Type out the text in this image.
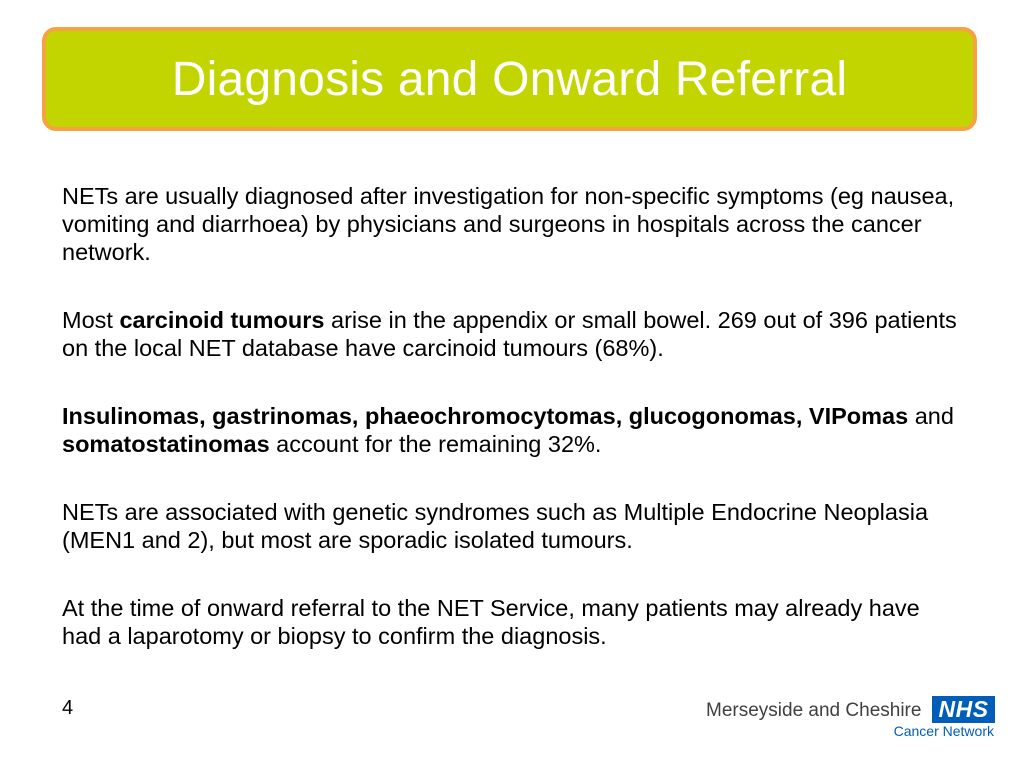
Diagnosis and Onward Referral

NETs are usually diagnosed after investigation for non-specific symptoms (eg nausea, vomiting and diarrhoea) by physicians and surgeons in hospitals across the cancer network.

Most carcinoid tumours arise in the appendix or small bowel. 269 out of 396 patients on the local NET database have carcinoid tumours (68%).

Insulinomas, gastrinomas, phaeochromocytomas, glucogonomas, VIPomas and somatostatinomas account for the remaining 32%.

NETs are associated with genetic syndromes such as Multiple Endocrine Neoplasia (MEN1 and 2), but most are sporadic isolated tumours.

At the time of onward referral to the NET Service, many patients may already have had a laparotomy or biopsy to confirm the diagnosis.

4	Merseyside and Cheshire NHS
Cancer Network
